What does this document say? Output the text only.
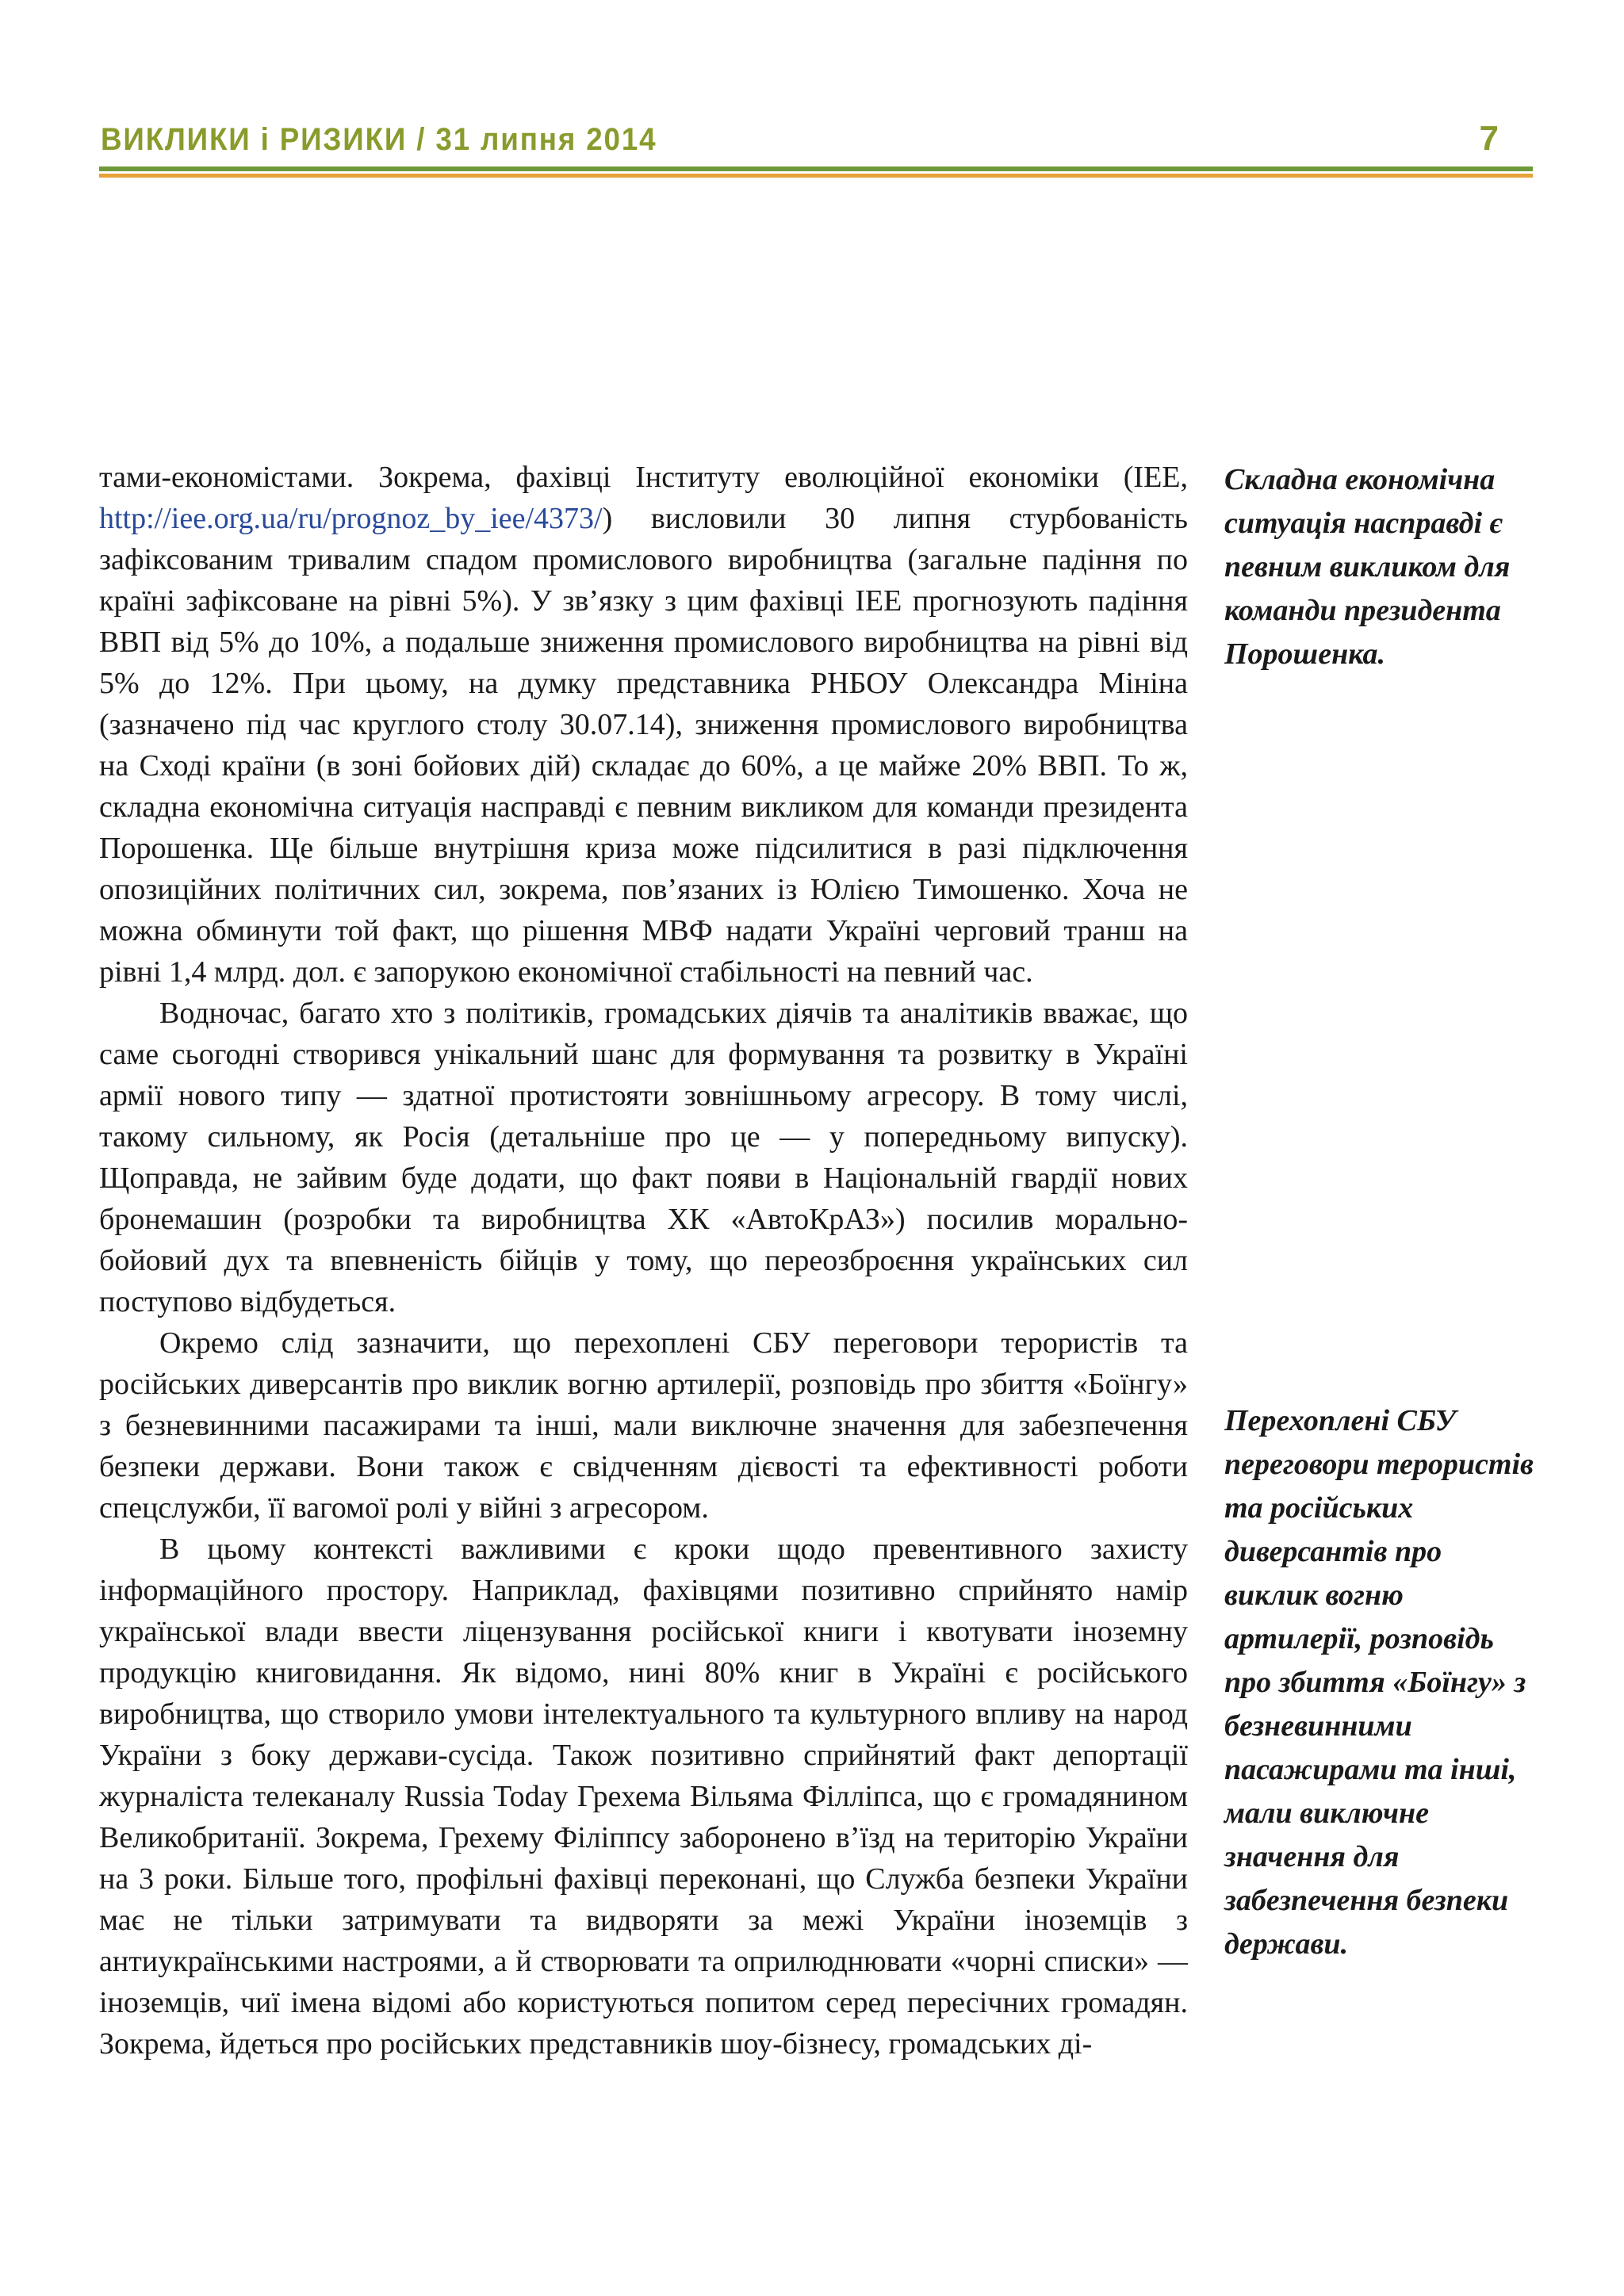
ВИКЛИКИ і РИЗИКИ / 31 липня 2014	7

тами-економістами. Зокрема, фахівці Інституту еволюційної економіки (ІЕЕ, http://iee.org.ua/ru/prognoz_by_iee/4373/) висловили 30 липня стурбованість зафіксованим тривалим спадом промислового виробництва (загальне падіння по країні зафіксоване на рівні 5%). У зв’язку з цим фахівці ІЕЕ прогнозують падіння ВВП від 5% до 10%, а подальше зниження промислового виробництва на рівні від 5% до 12%. При цьому, на думку представника РНБОУ Олександра Мініна (зазначено під час круглого столу 30.07.14), зниження промислового виробництва на Сході країни (в зоні бойових дій) складає до 60%, а це майже 20% ВВП. То ж, складна економічна ситуація насправді є певним викликом для команди президента Порошенка. Ще більше внутрішня криза може підсилитися в разі підключення опозиційних політичних сил, зокрема, пов’язаних із Юлією Тимошенко. Хоча не можна обминути той факт, що рішення МВФ надати Україні черговий транш на рівні 1,4 млрд. дол. є запорукою економічної стабільності на певний час.

Водночас, багато хто з політиків, громадських діячів та аналітиків вважає, що саме сьогодні створився унікальний шанс для формування та розвитку в Україні армії нового типу — здатної протистояти зовнішньому агресору. В тому числі, такому сильному, як Росія (детальніше про це — у попередньому випуску). Щоправда, не зайвим буде додати, що факт появи в Національній гвардії нових бронемашин (розробки та виробництва ХК «АвтоКрАЗ») посилив морально-бойовий дух та впевненість бійців у тому, що переозброєння українських сил поступово відбудеться.

Окремо слід зазначити, що перехоплені СБУ переговори терористів та російських диверсантів про виклик вогню артилерії, розповідь про збиття «Боїнгу» з безневинними пасажирами та інші, мали виключне значення для забезпечення безпеки держави. Вони також є свідченням дієвості та ефективності роботи спецслужби, її вагомої ролі у війні з агресором.

В цьому контексті важливими є кроки щодо превентивного захисту інформаційного простору. Наприклад, фахівцями позитивно сприйнято намір української влади ввести ліцензування російської книги і квотувати іноземну продукцію книговидання. Як відомо, нині 80% книг в Україні є російського виробництва, що створило умови інтелектуального та культурного впливу на народ України з боку держави-сусіда. Також позитивно сприйнятий факт депортації журналіста телеканалу Russia Today Грехема Вільяма Філліпса, що є громадянином Великобританії. Зокрема, Грехему Філіппсу заборонено в’їзд на територію України на 3 роки. Більше того, профільні фахівці переконані, що Служба безпеки України має не тільки затримувати та видворяти за межі України іноземців з антиукраїнськими настроями, а й створювати та оприлюднювати «чорні списки» — іноземців, чиї імена відомі або користуються попитом серед пересічних громадян. Зокрема, йдеться про російських представників шоу-бізнесу, громадських ді-

Складна економічна ситуація насправді є певним викликом для команди президента Порошенка.
Перехоплені СБУ переговори терористів та російських диверсантів про виклик вогню артилерії, розповідь про збиття «Боїнгу» з безневинними пасажирами та інші, мали виключне значення для забезпечення безпеки держави.
